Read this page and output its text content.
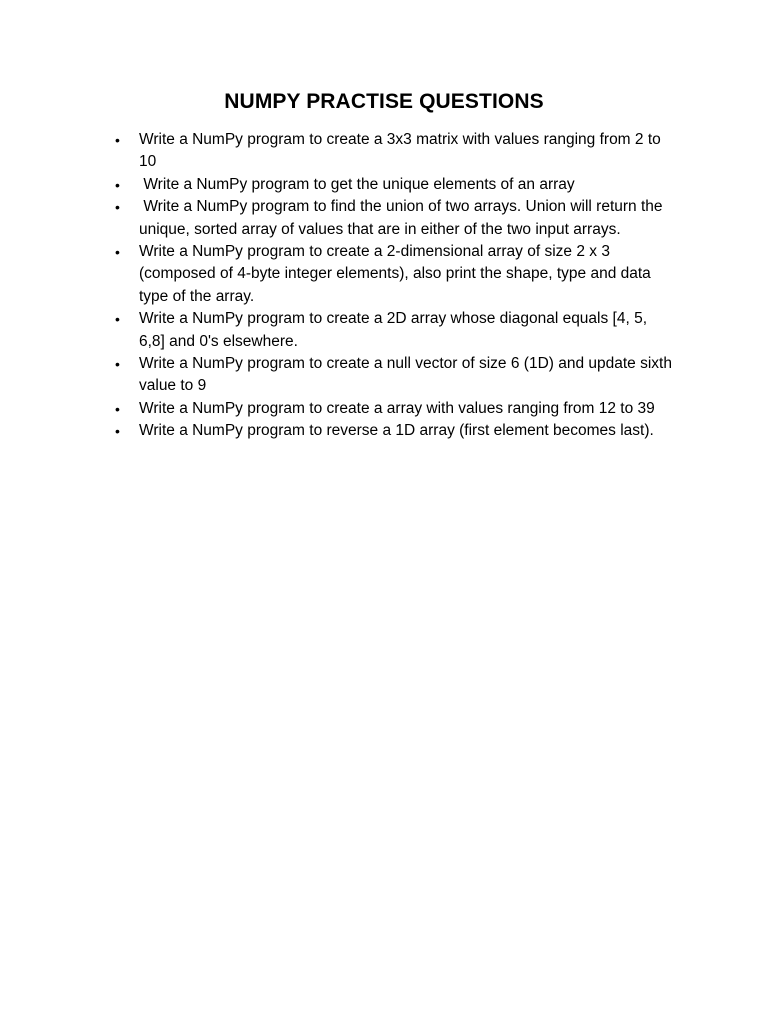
NUMPY PRACTISE QUESTIONS
• Write a NumPy program to create a 3x3 matrix with values ranging from 2 to 10
• Write a NumPy program to get the unique elements of an array
• Write a NumPy program to find the union of two arrays. Union will return the unique, sorted array of values that are in either of the two input arrays.
• Write a NumPy program to create a 2-dimensional array of size 2 x 3 (composed of 4-byte integer elements), also print the shape, type and data type of the array.
• Write a NumPy program to create a 2D array whose diagonal equals [4, 5, 6,8] and 0's elsewhere.
• Write a NumPy program to create a null vector of size 6 (1D) and update sixth value to 9
• Write a NumPy program to create a array with values ranging from 12 to 39
• Write a NumPy program to reverse a 1D array (first element becomes last).
